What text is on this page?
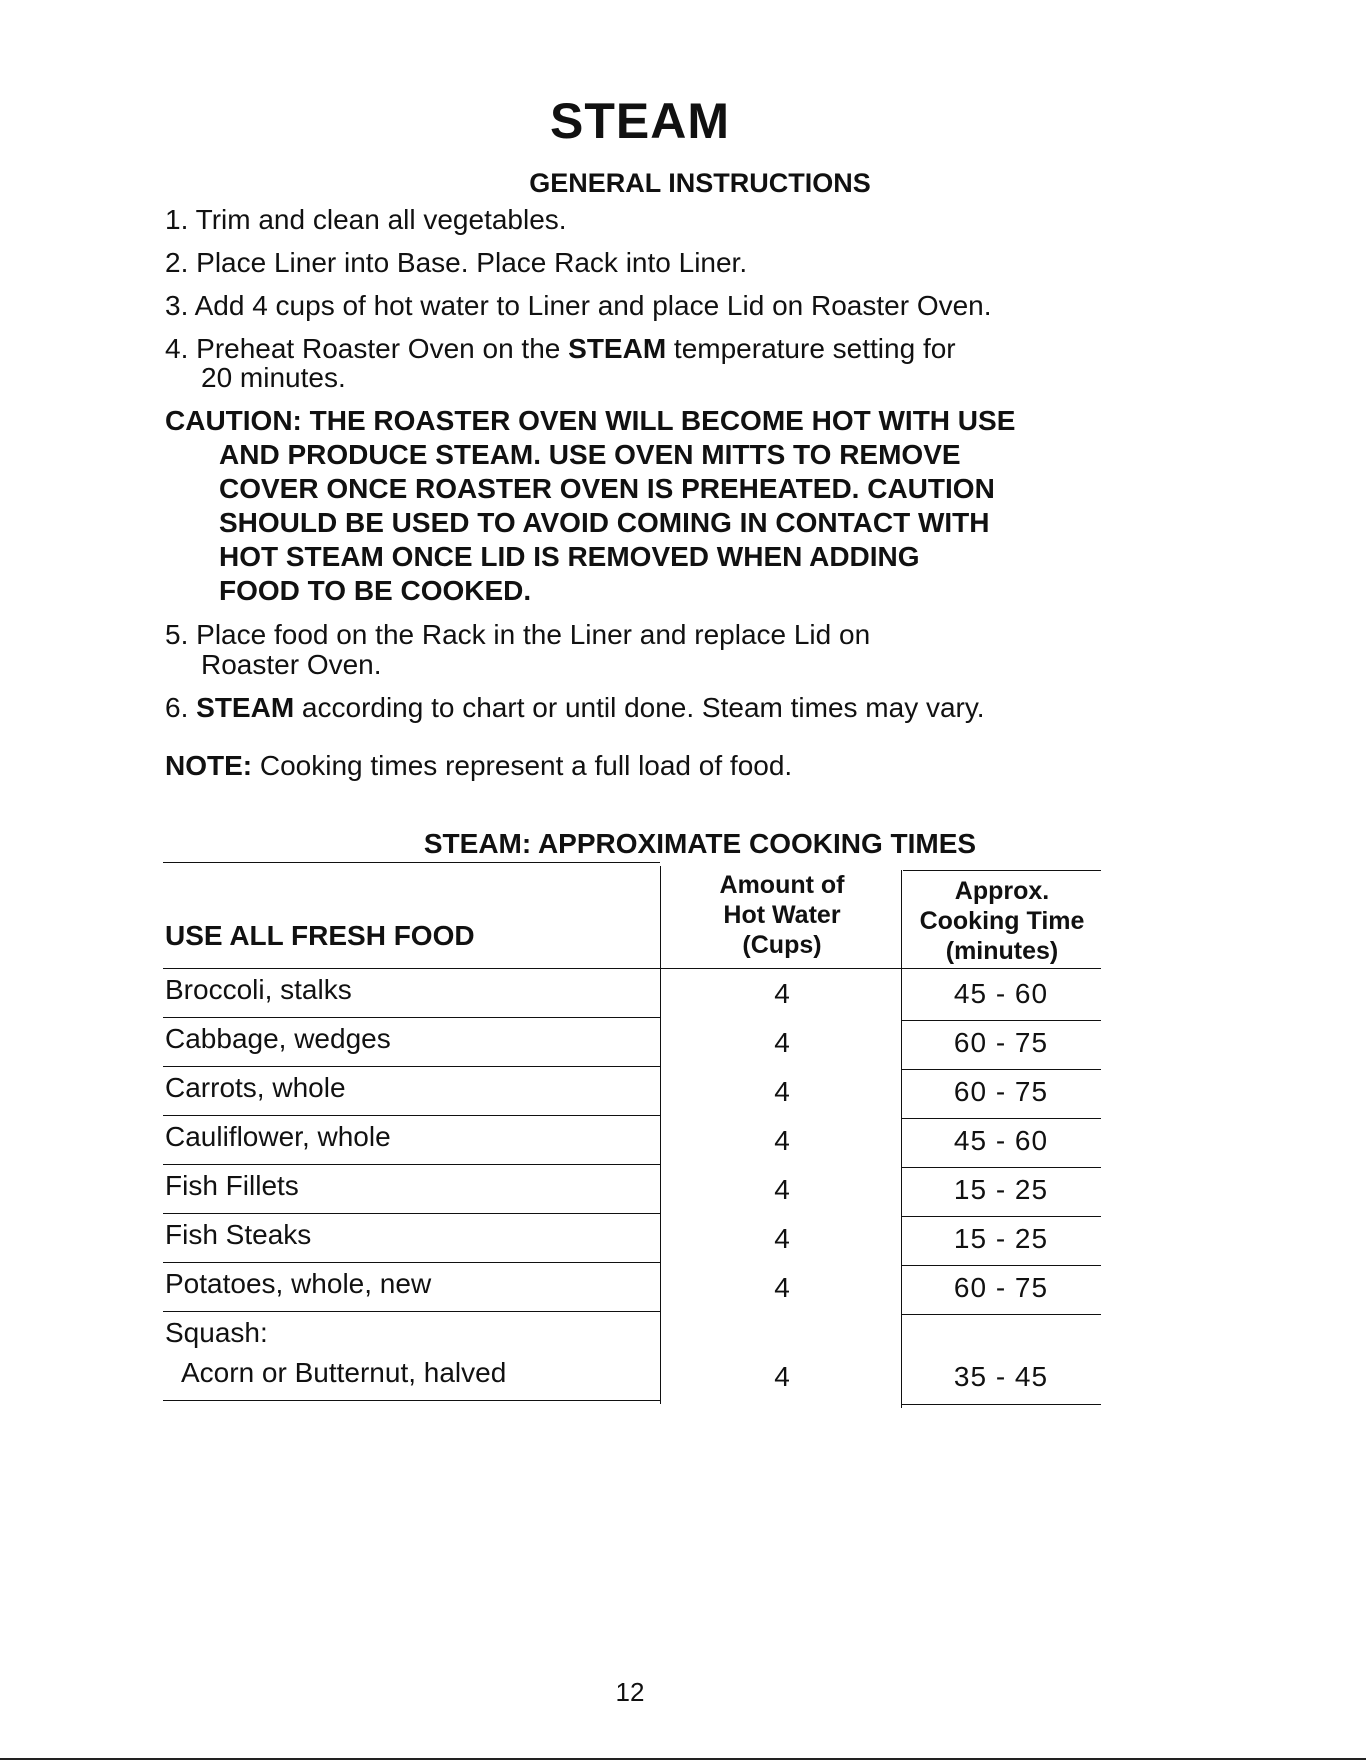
STEAM
GENERAL INSTRUCTIONS
1. Trim and clean all vegetables.
2. Place Liner into Base. Place Rack into Liner.
3. Add 4 cups of hot water to Liner and place Lid on Roaster Oven.
4. Preheat Roaster Oven on the STEAM temperature setting for
20 minutes.
5. Place food on the Rack in the Liner and replace Lid on
Roaster Oven.
6. STEAM according to chart or until done. Steam times may vary.
CAUTION: THE ROASTER OVEN WILL BECOME HOT WITH USE
AND PRODUCE STEAM. USE OVEN MITTS TO REMOVE
COVER ONCE ROASTER OVEN IS PREHEATED. CAUTION
SHOULD BE USED TO AVOID COMING IN CONTACT WITH
HOT STEAM ONCE LID IS REMOVED WHEN ADDING
FOOD TO BE COOKED.
NOTE: Cooking times represent a full load of food.
STEAM: APPROXIMATE COOKING TIMES
USE ALL FRESH FOOD
Amount of
Hot Water
(Cups)
Approx.
Cooking Time
(minutes)
Broccoli, stalks	4	45 - 60
Cabbage, wedges	4	60 - 75
Carrots, whole	4	60 - 75
Cauliflower, whole	4	45 - 60
Fish Fillets	4	15 - 25
Fish Steaks	4	15 - 25
Potatoes, whole, new	4	60 - 75
Squash:
Acorn or Butternut, halved	4	35 - 45
12
